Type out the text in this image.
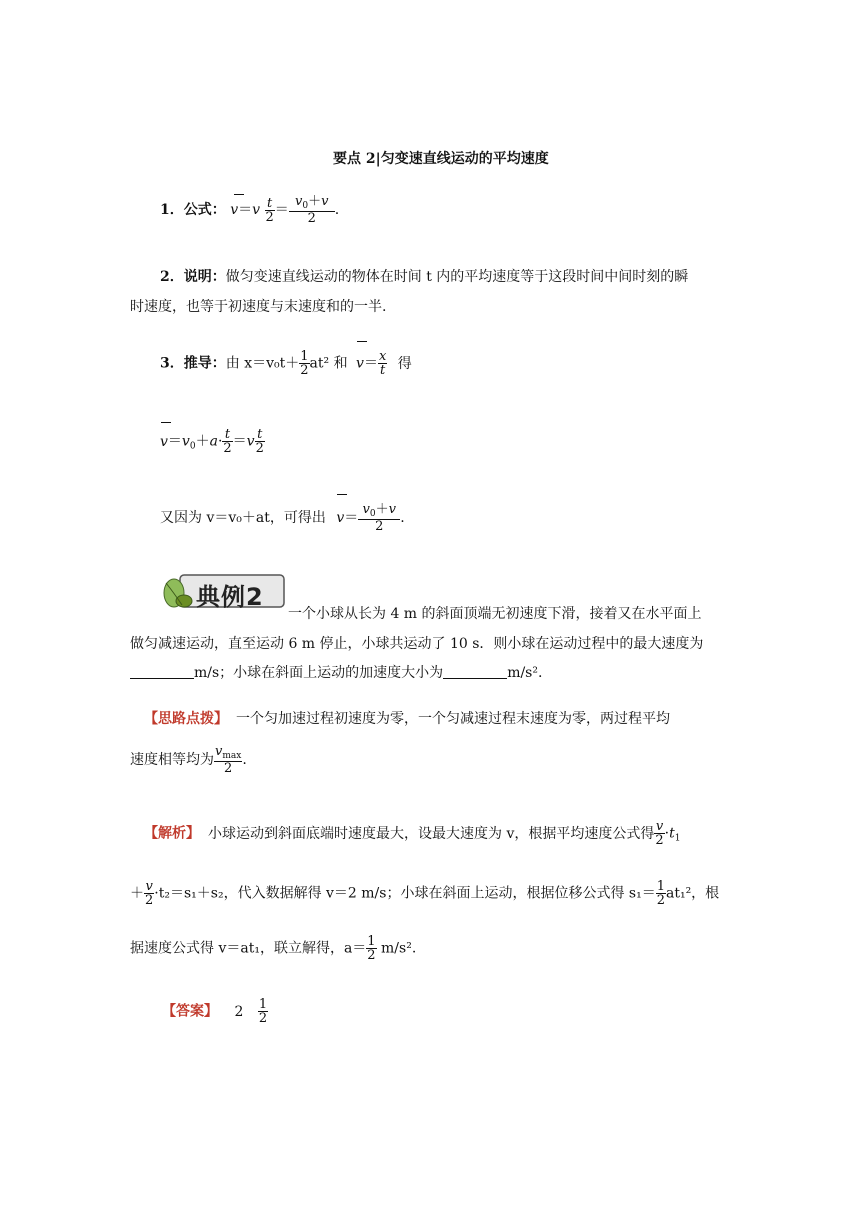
要点 2|匀变速直线运动的平均速度
1．公式： $v=v \frac{t}{2} = \frac{v_0+v}{2}$ .
2．说明：做匀变速直线运动的物体在时间 t 内的平均速度等于这段时间中间时刻的瞬
时速度，也等于初速度与末速度和的一半.
3．推导：由 $x=v_0t+ \frac{1}{2} at^2$ 和 $v= \frac{x}{t}$ 得
$v=v_0+a\cdot \frac{t}{2} =v \frac{t}{2}$
又因为 v＝v₀＋at，可得出 $v= \frac{v_0+v}{2}$ .
典例2
一个小球从长为 4 m 的斜面顶端无初速度下滑，接着又在水平面上
做匀减速运动，直至运动 6 m 停止，小球共运动了 10 s．则小球在运动过程中的最大速度为
m/s；小球在斜面上运动的加速度大小为	m/s².
【思路点拨】 一个匀加速过程初速度为零，一个匀减速过程末速度为零，两过程平均
速度相等均为 $\frac{v_{max}}{2}$ .
【解析】 小球运动到斜面底端时速度最大，设最大速度为 v，根据平均速度公式得 $\frac{v}{2} \cdot t_1$
＋ $\frac{v}{2} \cdot t_2=s_1+s_2$，代入数据解得 v＝2 m/s；小球在斜面上运动，根据位移公式得 $s_1= \frac{1}{2} at_1^2$，根
据速度公式得 v＝at₁，联立解得，$a= \frac{1}{2} m/s^2$.
【答案】 $2 \frac{1}{2}$
